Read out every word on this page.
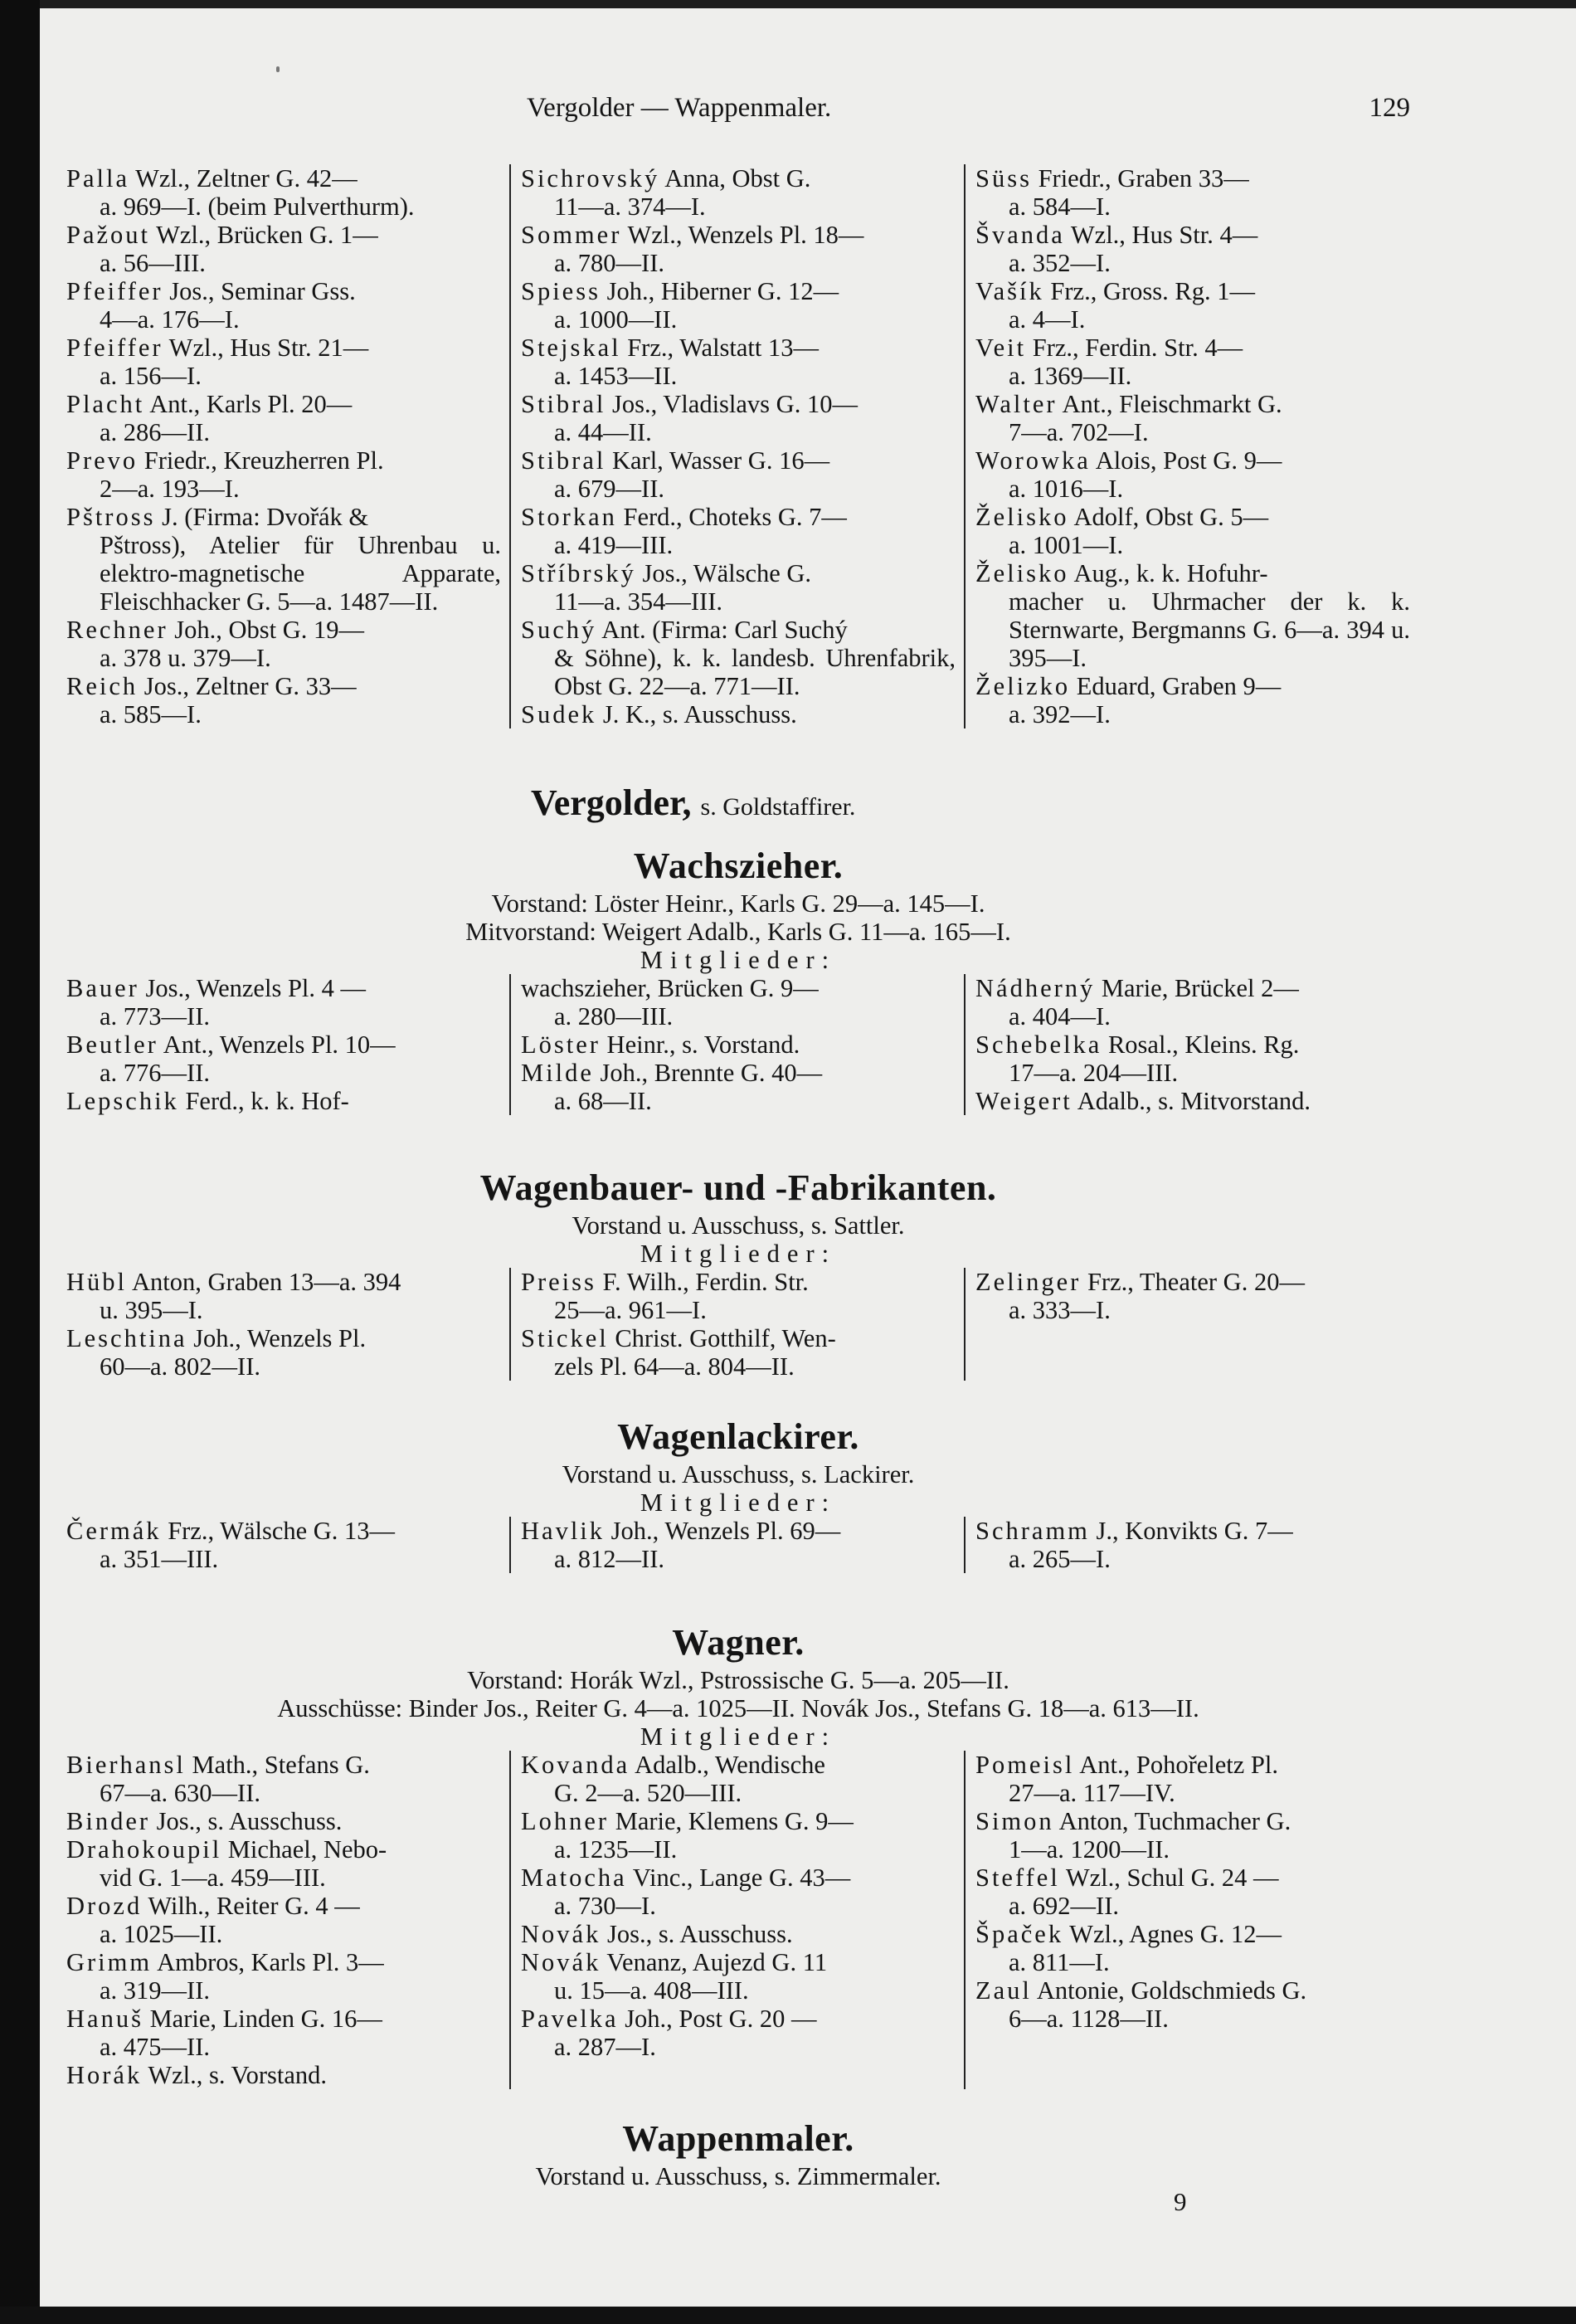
Vergolder — Wappenmaler.	129

Palla Wzl., Zeltner G. 42—
a. 969—I. (beim Pulverthurm).

Pažout Wzl., Brücken G. 1—
a. 56—III.

Pfeiffer Jos., Seminar Gss.
4—a. 176—I.

Pfeiffer Wzl., Hus Str. 21—
a. 156—I.

Placht Ant., Karls Pl. 20—
a. 286—II.

Prevo Friedr., Kreuzherren Pl.
2—a. 193—I.

Pštross J. (Firma: Dvořák &
Pštross), Atelier für Uhrenbau u. elektro-magnetische Apparate, Fleischhacker G. 5—a. 1487—II.

Rechner Joh., Obst G. 19—
a. 378 u. 379—I.

Reich Jos., Zeltner G. 33—
a. 585—I.

Sichrovský Anna, Obst G.
11—a. 374—I.

Sommer Wzl., Wenzels Pl. 18—
a. 780—II.

Spiess Joh., Hiberner G. 12—
a. 1000—II.

Stejskal Frz., Walstatt 13—
a. 1453—II.

Stibral Jos., Vladislavs G. 10—
a. 44—II.

Stibral Karl, Wasser G. 16—
a. 679—II.

Storkan Ferd., Choteks G. 7—
a. 419—III.

Stříbrský Jos., Wälsche G.
11—a. 354—III.

Suchý Ant. (Firma: Carl Suchý
& Söhne), k. k. landesb. Uhrenfabrik, Obst G. 22—a. 771—II.

Sudek J. K., s. Ausschuss.

Süss Friedr., Graben 33—
a. 584—I.

Švanda Wzl., Hus Str. 4—
a. 352—I.

Vašík Frz., Gross. Rg. 1—
a. 4—I.

Veit Frz., Ferdin. Str. 4—
a. 1369—II.

Walter Ant., Fleischmarkt G.
7—a. 702—I.

Worowka Alois, Post G. 9—
a. 1016—I.

Želisko Adolf, Obst G. 5—
a. 1001—I.

Želisko Aug., k. k. Hofuhr-
macher u. Uhrmacher der k. k. Sternwarte, Bergmanns G. 6—a. 394 u. 395—I.

Želizko Eduard, Graben 9—
a. 392—I.

Vergolder, s. Goldstaffirer.
Wachszieher.
Vorstand: Löster Heinr., Karls G. 29—a. 145—I.
Mitvorstand: Weigert Adalb., Karls G. 11—a. 165—I.
Mitglieder:

Bauer Jos., Wenzels Pl. 4 —
a. 773—II.

Beutler Ant., Wenzels Pl. 10—
a. 776—II.

Lepschik Ferd., k. k. Hof-

wachszieher, Brücken G. 9—
a. 280—III.

Löster Heinr., s. Vorstand.

Milde Joh., Brennte G. 40—
a. 68—II.

Nádherný Marie, Brückel 2—
a. 404—I.

Schebelka Rosal., Kleins. Rg.
17—a. 204—III.

Weigert Adalb., s. Mitvorstand.

Wagenbauer- und -Fabrikanten.
Vorstand u. Ausschuss, s. Sattler.
Mitglieder:

Hübl Anton, Graben 13—a. 394
u. 395—I.

Leschtina Joh., Wenzels Pl.
60—a. 802—II.

Preiss F. Wilh., Ferdin. Str.
25—a. 961—I.

Stickel Christ. Gotthilf, Wen-
zels Pl. 64—a. 804—II.

Zelinger Frz., Theater G. 20—
a. 333—I.

Wagenlackirer.
Vorstand u. Ausschuss, s. Lackirer.
Mitglieder:

Čermák Frz., Wälsche G. 13—
a. 351—III.

Havlik Joh., Wenzels Pl. 69—
a. 812—II.

Schramm J., Konvikts G. 7—
a. 265—I.

Wagner.
Vorstand: Horák Wzl., Pstrossische G. 5—a. 205—II.
Ausschüsse: Binder Jos., Reiter G. 4—a. 1025—II. Novák Jos., Stefans G. 18—a. 613—II.
Mitglieder:

Bierhansl Math., Stefans G.
67—a. 630—II.

Binder Jos., s. Ausschuss.

Drahokoupil Michael, Nebo-
vid G. 1—a. 459—III.

Drozd Wilh., Reiter G. 4 —
a. 1025—II.

Grimm Ambros, Karls Pl. 3—
a. 319—II.

Hanuš Marie, Linden G. 16—
a. 475—II.

Horák Wzl., s. Vorstand.

Kovanda Adalb., Wendische
G. 2—a. 520—III.

Lohner Marie, Klemens G. 9—
a. 1235—II.

Matocha Vinc., Lange G. 43—
a. 730—I.

Novák Jos., s. Ausschuss.

Novák Venanz, Aujezd G. 11
u. 15—a. 408—III.

Pavelka Joh., Post G. 20 —
a. 287—I.

Pomeisl Ant., Pohořeletz Pl.
27—a. 117—IV.

Simon Anton, Tuchmacher G.
1—a. 1200—II.

Steffel Wzl., Schul G. 24 —
a. 692—II.

Špaček Wzl., Agnes G. 12—
a. 811—I.

Zaul Antonie, Goldschmieds G.
6—a. 1128—II.

Wappenmaler.
Vorstand u. Ausschuss, s. Zimmermaler.
9
